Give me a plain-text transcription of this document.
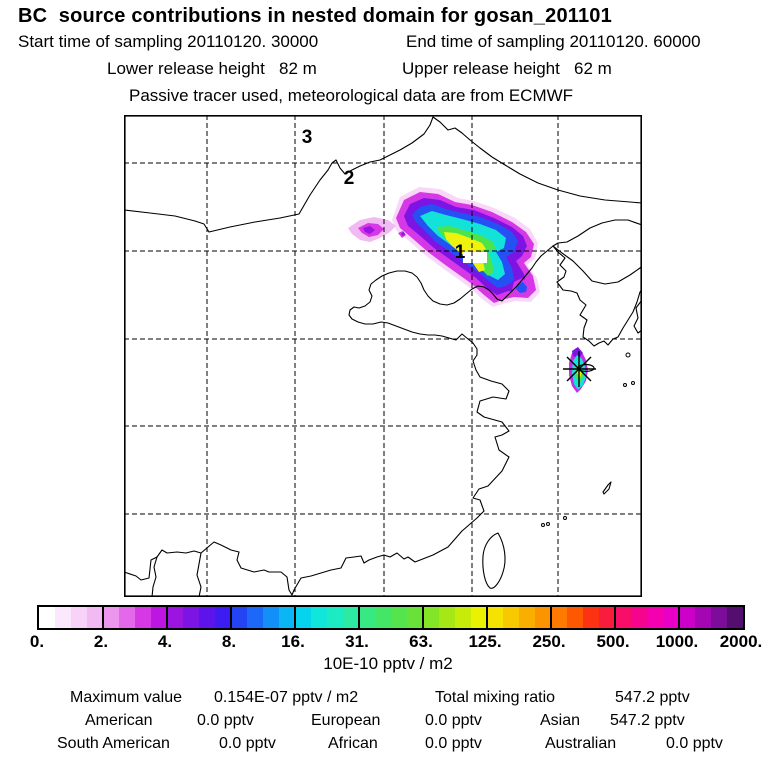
BC  source contributions in nested domain for gosan_201101
Start time of sampling 20110120. 30000	End time of sampling 20110120. 60000
Lower release height   82 m	Upper release height   62 m
Passive tracer used, meteorological data are from ECMWF
1
2
3
0.	2.	4.	8.	16. 31. 63. 125. 250. 500. 1000. 2000.
10E-10 pptv / m2
Maximum value 0.154E-07 pptv / m2	Total mixing ratio	547.2 pptv
American	0.0 pptv	European	0.0 pptv	Asian 547.2 pptv
South American	0.0 pptv	African	0.0 pptv	Australian	0.0 pptv
